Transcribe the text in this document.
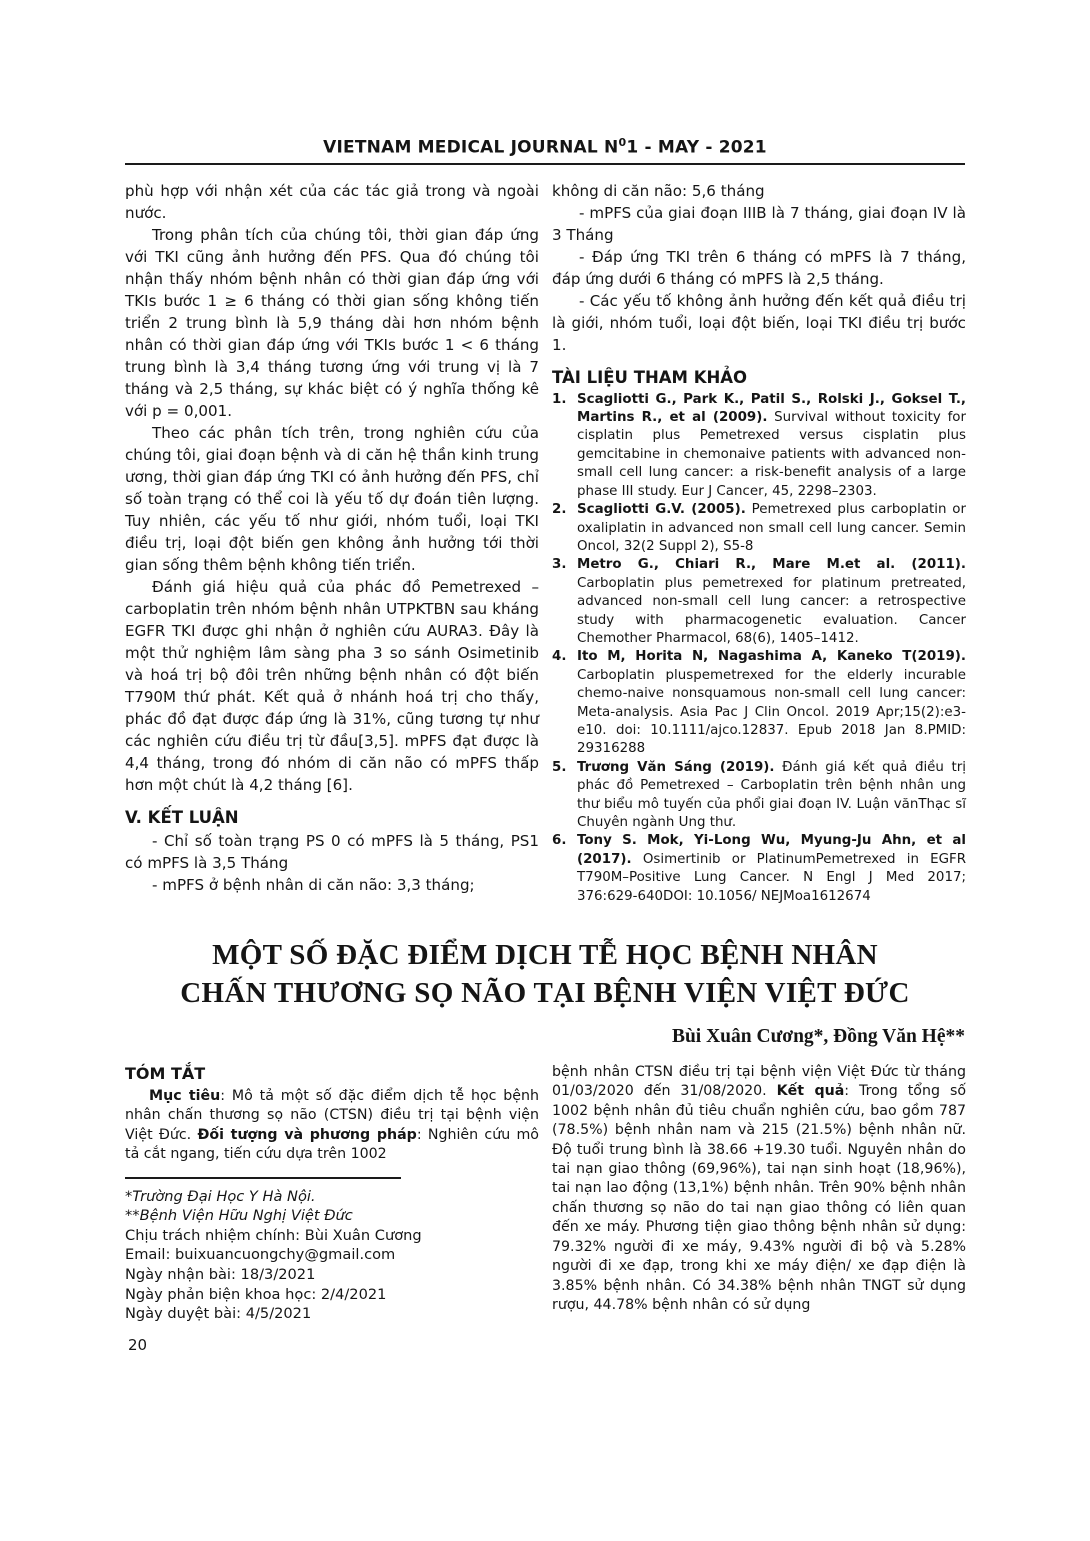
VIETNAM MEDICAL JOURNAL $N^01$ - MAY - 2021

phù hợp với nhận xét của các tác giả trong và ngoài nước.

Trong phân tích của chúng tôi, thời gian đáp ứng với TKI cũng ảnh hưởng đến PFS. Qua đó chúng tôi nhận thấy nhóm bệnh nhân có thời gian đáp ứng với TKIs bước 1 ≥ 6 tháng có thời gian sống không tiến triển 2 trung bình là 5,9 tháng dài hơn nhóm bệnh nhân có thời gian đáp ứng với TKIs bước 1 < 6 tháng trung bình là 3,4 tháng tương ứng với trung vị là 7 tháng và 2,5 tháng, sự khác biệt có ý nghĩa thống kê với p = 0,001.

Theo các phân tích trên, trong nghiên cứu của chúng tôi, giai đoạn bệnh và di căn hệ thần kinh trung ương, thời gian đáp ứng TKI có ảnh hưởng đến PFS, chỉ số toàn trạng có thể coi là yếu tố dự đoán tiên lượng. Tuy nhiên, các yếu tố như giới, nhóm tuổi, loại TKI điều trị, loại đột biến gen không ảnh hưởng tới thời gian sống thêm bệnh không tiến triển.

Đánh giá hiệu quả của phác đồ Pemetrexed – carboplatin trên nhóm bệnh nhân UTPKTBN sau kháng EGFR TKI được ghi nhận ở nghiên cứu AURA3. Đây là một thử nghiệm lâm sàng pha 3 so sánh Osimetinib và hoá trị bộ đôi trên những bệnh nhân có đột biến T790M thứ phát. Kết quả ở nhánh hoá trị cho thấy, phác đồ đạt được đáp ứng là 31%, cũng tương tự như các nghiên cứu điều trị từ đầu[3,5]. mPFS đạt được là 4,4 tháng, trong đó nhóm di căn não có mPFS thấp hơn một chút là 4,2 tháng [6].

V. KẾT LUẬN

- Chỉ số toàn trạng PS 0 có mPFS là 5 tháng, PS1 có mPFS là 3,5 Tháng

- mPFS ở bệnh nhân di căn não: 3,3 tháng;

không di căn não: 5,6 tháng

- mPFS của giai đoạn IIIB là 7 tháng, giai đoạn IV là 3 Tháng

- Đáp ứng TKI trên 6 tháng có mPFS là 7 tháng, đáp ứng dưới 6 tháng có mPFS là 2,5 tháng.

- Các yếu tố không ảnh hưởng đến kết quả điều trị là giới, nhóm tuổi, loại đột biến, loại TKI điều trị bước 1.

TÀI LIỆU THAM KHẢO
1. Scagliotti G., Park K., Patil S., Rolski J., Goksel T., Martins R., et al (2009). Survival without toxicity for cisplatin plus Pemetrexed versus cisplatin plus gemcitabine in chemonaive patients with advanced non-small cell lung cancer: a risk-benefit analysis of a large phase III study. Eur J Cancer, 45, 2298–2303.
2. Scagliotti G.V. (2005). Pemetrexed plus carboplatin or oxaliplatin in advanced non small cell lung cancer. Semin Oncol, 32(2 Suppl 2), S5-8
3. Metro G., Chiari R., Mare M.et al. (2011). Carboplatin plus pemetrexed for platinum pretreated, advanced non-small cell lung cancer: a retrospective study with pharmacogenetic evaluation. Cancer Chemother Pharmacol, 68(6), 1405–1412.
4. Ito M, Horita N, Nagashima A, Kaneko T(2019). Carboplatin pluspemetrexed for the elderly incurable chemo-naive nonsquamous non-small cell lung cancer: Meta-analysis. Asia Pac J Clin Oncol. 2019 Apr;15(2):e3-e10. doi: 10.1111/ajco.12837. Epub 2018 Jan 8.PMID: 29316288
5. Trương Văn Sáng (2019). Đánh giá kết quả điều trị phác đồ Pemetrexed – Carboplatin trên bệnh nhân ung thư biểu mô tuyến của phổi giai đoạn IV. Luận vănThạc sĩ Chuyên ngành Ung thư.
6. Tony S. Mok, Yi-Long Wu, Myung-Ju Ahn, et al (2017). Osimertinib or PlatinumPemetrexed in EGFR T790M–Positive Lung Cancer. N Engl J Med 2017; 376:629-640DOI: 10.1056/ NEJMoa1612674
MỘT SỐ ĐẶC ĐIỂM DỊCH TỄ HỌC BỆNH NHÂN
CHẤN THƯƠNG SỌ NÃO TẠI BỆNH VIỆN VIỆT ĐỨC
Bùi Xuân Cương*, Đồng Văn Hệ**
TÓM TẮT

Mục tiêu: Mô tả một số đặc điểm dịch tễ học bệnh nhân chấn thương sọ não (CTSN) điều trị tại bệnh viện Việt Đức. Đối tượng và phương pháp: Nghiên cứu mô tả cắt ngang, tiến cứu dựa trên 1002

*Trường Đại Học Y Hà Nội.
**Bệnh Viện Hữu Nghị Việt Đức
Chịu trách nhiệm chính: Bùi Xuân Cương
Email: buixuancuongchy@gmail.com
Ngày nhận bài: 18/3/2021
Ngày phản biện khoa học: 2/4/2021
Ngày duyệt bài: 4/5/2021

bệnh nhân CTSN điều trị tại bệnh viện Việt Đức từ tháng 01/03/2020 đến 31/08/2020. Kết quả: Trong tổng số 1002 bệnh nhân đủ tiêu chuẩn nghiên cứu, bao gồm 787 (78.5%) bệnh nhân nam và 215 (21.5%) bệnh nhân nữ. Độ tuổi trung bình là 38.66 +19.30 tuổi. Nguyên nhân do tai nạn giao thông (69,96%), tai nạn sinh hoạt (18,96%), tai nạn lao động (13,1%) bệnh nhân. Trên 90% bệnh nhân chấn thương sọ não do tai nạn giao thông có liên quan đến xe máy. Phương tiện giao thông bệnh nhân sử dụng: 79.32% người đi xe máy, 9.43% người đi bộ và 5.28% người đi xe đạp, trong khi xe máy điện/ xe đạp điện là 3.85% bệnh nhân. Có 34.38% bệnh nhân TNGT sử dụng rượu, 44.78% bệnh nhân có sử dụng

20
